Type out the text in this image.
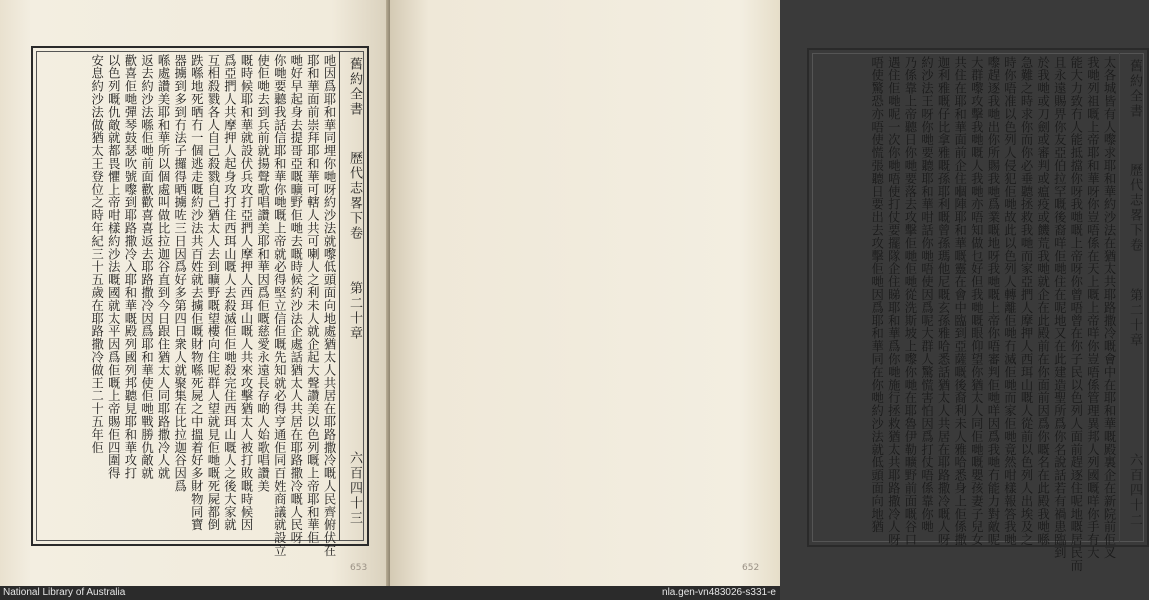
舊約全書
歷代志畧下卷
第二十章
六百四十三
吔因爲耶和華同埋你哋呀約沙法就嚟低頭面向地處猶太人共居在耶路撒冷嘅人民齊俯伏在
耶和華面前崇拜耶和華可轄人共可喇人之利未人就企起大聲讚美以色列嘅上帝耶和華佢
哋好早起身去提哥亞嘅曠野佢哋去嘅時候約沙法企處話猶太人共居在耶路撒冷嘅人民呀
你哋要聽我話信耶和華你哋嘅上帝就必得堅立信佢嘅先知就必得亨通佢同百姓商議就設立
使佢哋去到兵前就揚聲歌唱讚美耶和華因爲佢嘅慈愛永遠長存啲人始歌唱讚美
嘅時候耶和華就設伏兵攻打亞捫人摩押人西珥山嘅人共來攻擊猶太人被打敗嘅時候因
爲亞捫人共摩押人起身攻打住西珥山嘅人去殺滅佢佢哋殺完住西珥山嘅人之後大家就
互相殺戮各人自己殺戮自己猶太人去到曠野嘅望樓向住呢群人望就見佢哋嘅死屍都倒
跌喺地死晒冇一個逃走嘅約沙法共百姓就去擄佢嘅財物喺死屍之中搵着好多財物同寶
器擄到多到冇法子攞得晒擄咗三日因爲好多第四日衆人就聚集在比拉迦谷因爲
喺處讚美耶和華所以個處叫做比拉迦谷直到今日跟住猶太人同耶路撒冷人就
返去約沙法喺佢哋前面歡歡喜喜返去耶路撒冷因爲耶和華使佢哋戰勝仇敵就
歡喜佢哋彈琴鼓瑟吹號嚟到耶路撒冷入耶和華嘅殿列國列邦聽見耶和華攻打
以色列嘅仇敵就都畏懼上帝咁樣約沙法嘅國就太平因爲佢嘅上帝賜佢四圍得
安息約沙法做猶太王登位之時年紀三十五歲在耶路撒冷做王二十五年佢
653
舊約全書
歷代志畧下卷
第二十章
六百四十二
太各城皆有人嚟求耶和華約沙法在猶太共耶路撒冷嘅會中在耶和華嘅殿裏企在新院前佢叉
我哋列祖嘅上帝耶和華呀你豈唔係在天上嘅上帝咩你豈唔係管理異邦人列國嘅咩你手有大
能大力致冇人能抵擋你呀我哋嘅上帝呀你曾唔曾在你子民以色列人面前趕逐住呢地嘅居民而
且永遠賜畀你友亞伯拉罕嘅後裔咩佢哋住在呢地又在此建造聖所爲你名說話若有禍患臨到
於我哋或刀劍或審判或瘟疫或饑荒我哋就企在此殿前在你面前因爲你嘅名在此殿我哋喺
急難之時求你而你必垂聽拯救我哋而家亞捫人摩押人西珥山嘅人從前以色列人出埃及之
時你唔准以色列人侵犯佢哋故此以色列人轉離佢哋冇滅佢哋而家佢哋竟然咁樣報答我哋
嚟趕逐我哋出你所賜我哋爲業嘅地呀我哋嘅上帝你唔審判佢哋咩因爲我哋冇能力對敵呢
大群嚟攻擊我哋嘅人我哋亦唔知做乜好但我哋嘅眼仰望你猶太人同佢哋嘅嬰孩妻子兒女
共住在耶和華面前企住嗰陣耶和華嘅靈在會中臨到亞薩嘅後裔利未人雅哈悉身上佢係撒
迦利雅嘅仔比拿雅嘅孫耶利嘅曾孫瑪他尼嘅玄孫雅哈悉話猶太人共居在耶路撒冷嘅人呀
約沙法王呀你哋要聽耶和華咁話你哋唔使因爲呢大群人驚慌害怕因爲打仗唔係靠你哋
乃係靠上帝聽日你哋要落去攻擊佢哋佢哋從洗斯坡上嚟你哋在耶魯伊勒曠野前面嘅谷口
遇住佢哋呢一次你哋唔使打仗要擺隊企住睇耶和華爲你哋施行拯救猶太共耶路撒冷人呀
唔使驚恐亦唔使慌張聽日要出去攻擊佢哋因爲耶和華同在你哋約沙法就低頭面向地猶
652
National Library of Australia	nla.gen-vn483026-s331-e
